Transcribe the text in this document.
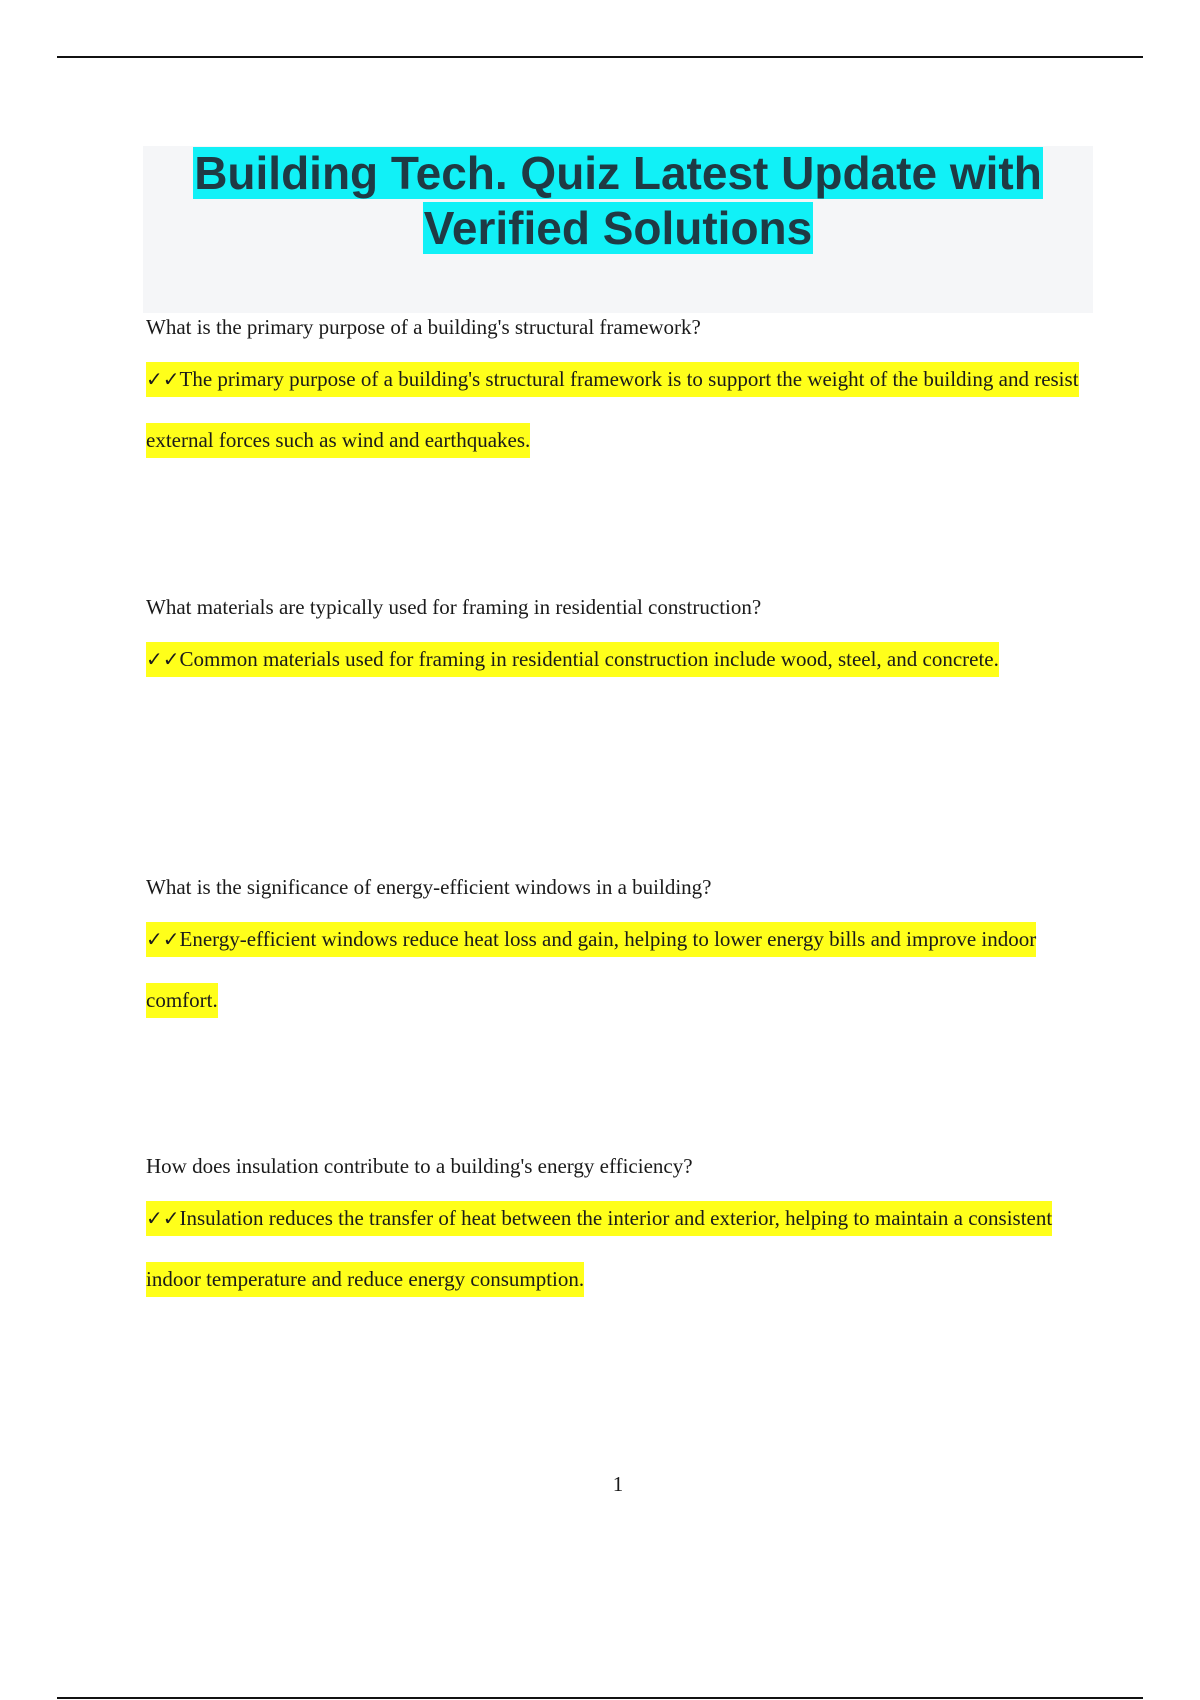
Building Tech. Quiz Latest Update with Verified Solutions

What is the primary purpose of a building's structural framework?

✓✓The primary purpose of a building's structural framework is to support the weight of the building and resist external forces such as wind and earthquakes.

What materials are typically used for framing in residential construction?

✓✓Common materials used for framing in residential construction include wood, steel, and concrete.

What is the significance of energy-efficient windows in a building?

✓✓Energy-efficient windows reduce heat loss and gain, helping to lower energy bills and improve indoor comfort.

How does insulation contribute to a building's energy efficiency?

✓✓Insulation reduces the transfer of heat between the interior and exterior, helping to maintain a consistent indoor temperature and reduce energy consumption.

1
